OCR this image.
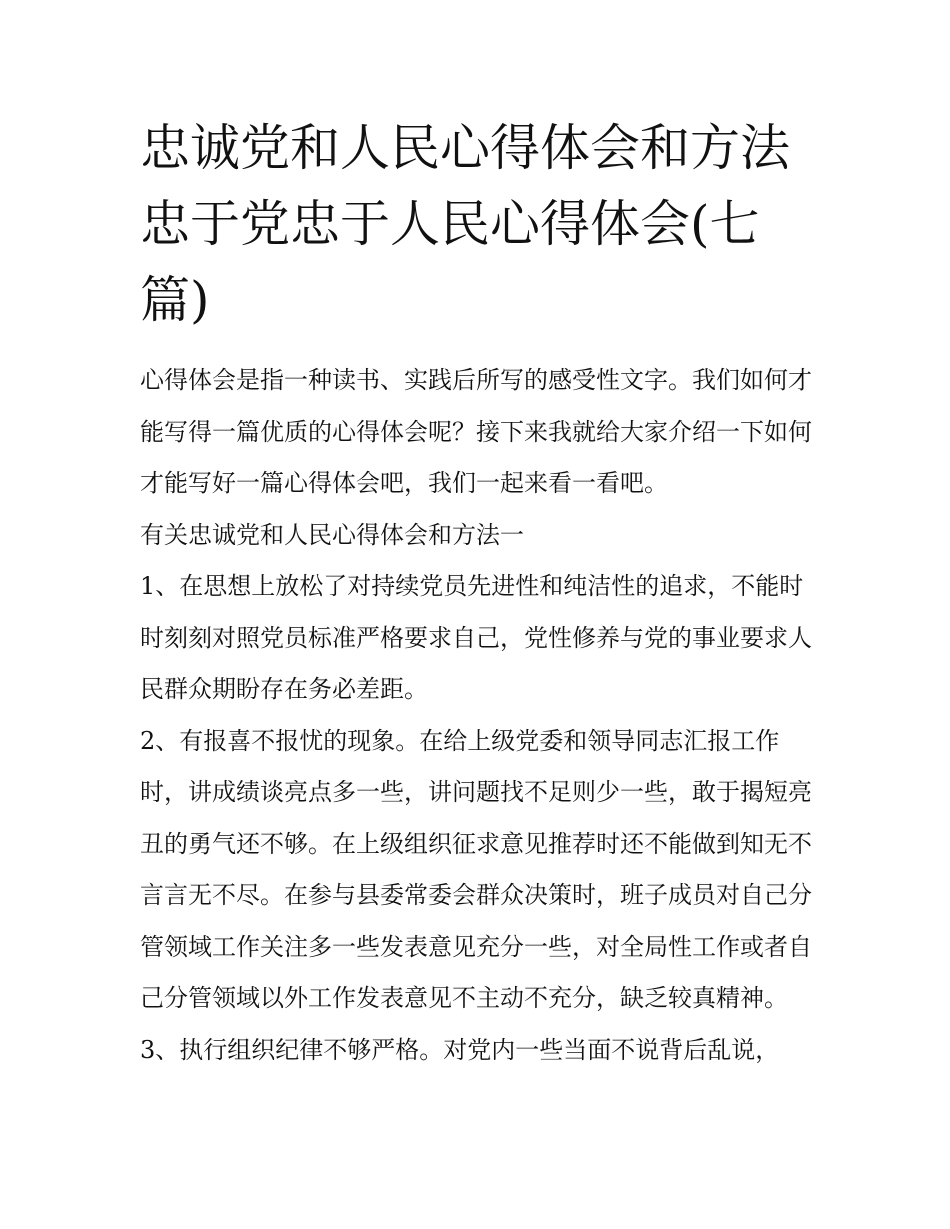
忠诚党和人民心得体会和方法
忠于党忠于人民心得体会(七
篇)

心得体会是指一种读书、实践后所写的感受性文字。我们如何才能写得一篇优质的心得体会呢？接下来我就给大家介绍一下如何才能写好一篇心得体会吧，我们一起来看一看吧。

有关忠诚党和人民心得体会和方法一

1、在思想上放松了对持续党员先进性和纯洁性的追求，不能时时刻刻对照党员标准严格要求自己，党性修养与党的事业要求人民群众期盼存在务必差距。

2、有报喜不报忧的现象。在给上级党委和领导同志汇报工作时，讲成绩谈亮点多一些，讲问题找不足则少一些，敢于揭短亮丑的勇气还不够。在上级组织征求意见推荐时还不能做到知无不言言无不尽。在参与县委常委会群众决策时，班子成员对自己分管领域工作关注多一些发表意见充分一些，对全局性工作或者自己分管领域以外工作发表意见不主动不充分，缺乏较真精神。

3、执行组织纪律不够严格。对党内一些当面不说背后乱说，
